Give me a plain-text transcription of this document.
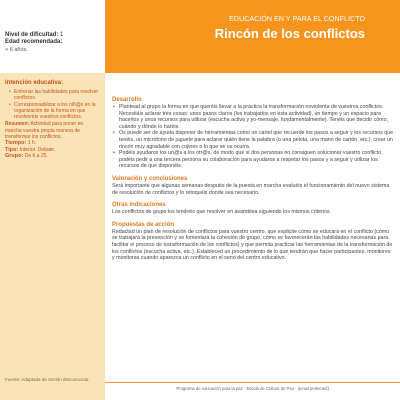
Nivel de dificultad: 1
Edad recomendada:
> 6 años.
Intención educativa:
• Entrenar las habilidades para resolver conflictos.
• Corresponsabilizar a los niñ@s en la organización de la forma en que resolveréis vuestros conflictos.
Resumen: Actividad para poner en marcha vuestra propia manera de transformar los conflictos.
Tiempo: 1 h.
Tipo: Interior. Debate.
Grupo: De 6 a 25.
Fuente: Adaptada de Sesión desconocida.
EDUCACIÓN EN Y PARA EL CONFLICTO
Rincón de los conflictos
Desarrollo
• Plantead al grupo la forma en que queréis llevar a la práctica la transformación noviolenta de vuestros conflictos. Necesitáis aclarar tres cosas: unos pasos claros (los trabajados en esta actividad), un tiempo y un espacio para hacerlos y unos recursos para utilizar (escucha activa y yo-mensaje, fundamentalmente). Tenéis que decidir cómo, cuándo y dónde lo haréis.
• Os puede ser de ayuda disponer de herramientas como un cartel que recuerde los pasos a seguir y los recursos que tenéis, un micrófono de juguete para aclarar quién tiene la palabra (o una pelota, una mano de cartón, etc.), crear un rincón muy agradable con cojines o lo que se os ocurra.
• Podéis ayudaros los un@s a los otr@s, de modo que si dos personas no consiguen solucionar vuestro conflicto, podéis pedir a una tercera persona su colaboración para ayudaros a respetar los pasos y a seguir y utilizar los recursos de que disponéis.
Valoración y conclusiones

Será importante que algunas semanas después de la puesta en marcha evaluéis el funcionamiento del nuevo sistema de resolución de conflictos y lo retoquéis donde sea necesario.

Otras indicaciones

Los conflictos de grupo los tendréis que resolver en asamblea siguiendo los mismos criterios.

Propuestas de acción

Redactad un plan de resolución de conflictos para vuestro centro, que explicite cómo se educará en el conflicto (cómo se trabajará la prevención y se fomentará la cohesión de grupo, cómo se favorecerán las habilidades necesarias para facilitar el proceso de transformación de los conflictos) y que permita practicar las herramientas de la transformación de los conflictos (escucha activa, etc.). Estableced un procedimiento de lo que tendrán que hacer participantes, monitores y monitoras cuando aparezca un conflicto en el seno del centro educativo.

Programa de educación para la paz · Escola de Cultura de Pau · [email protected]
